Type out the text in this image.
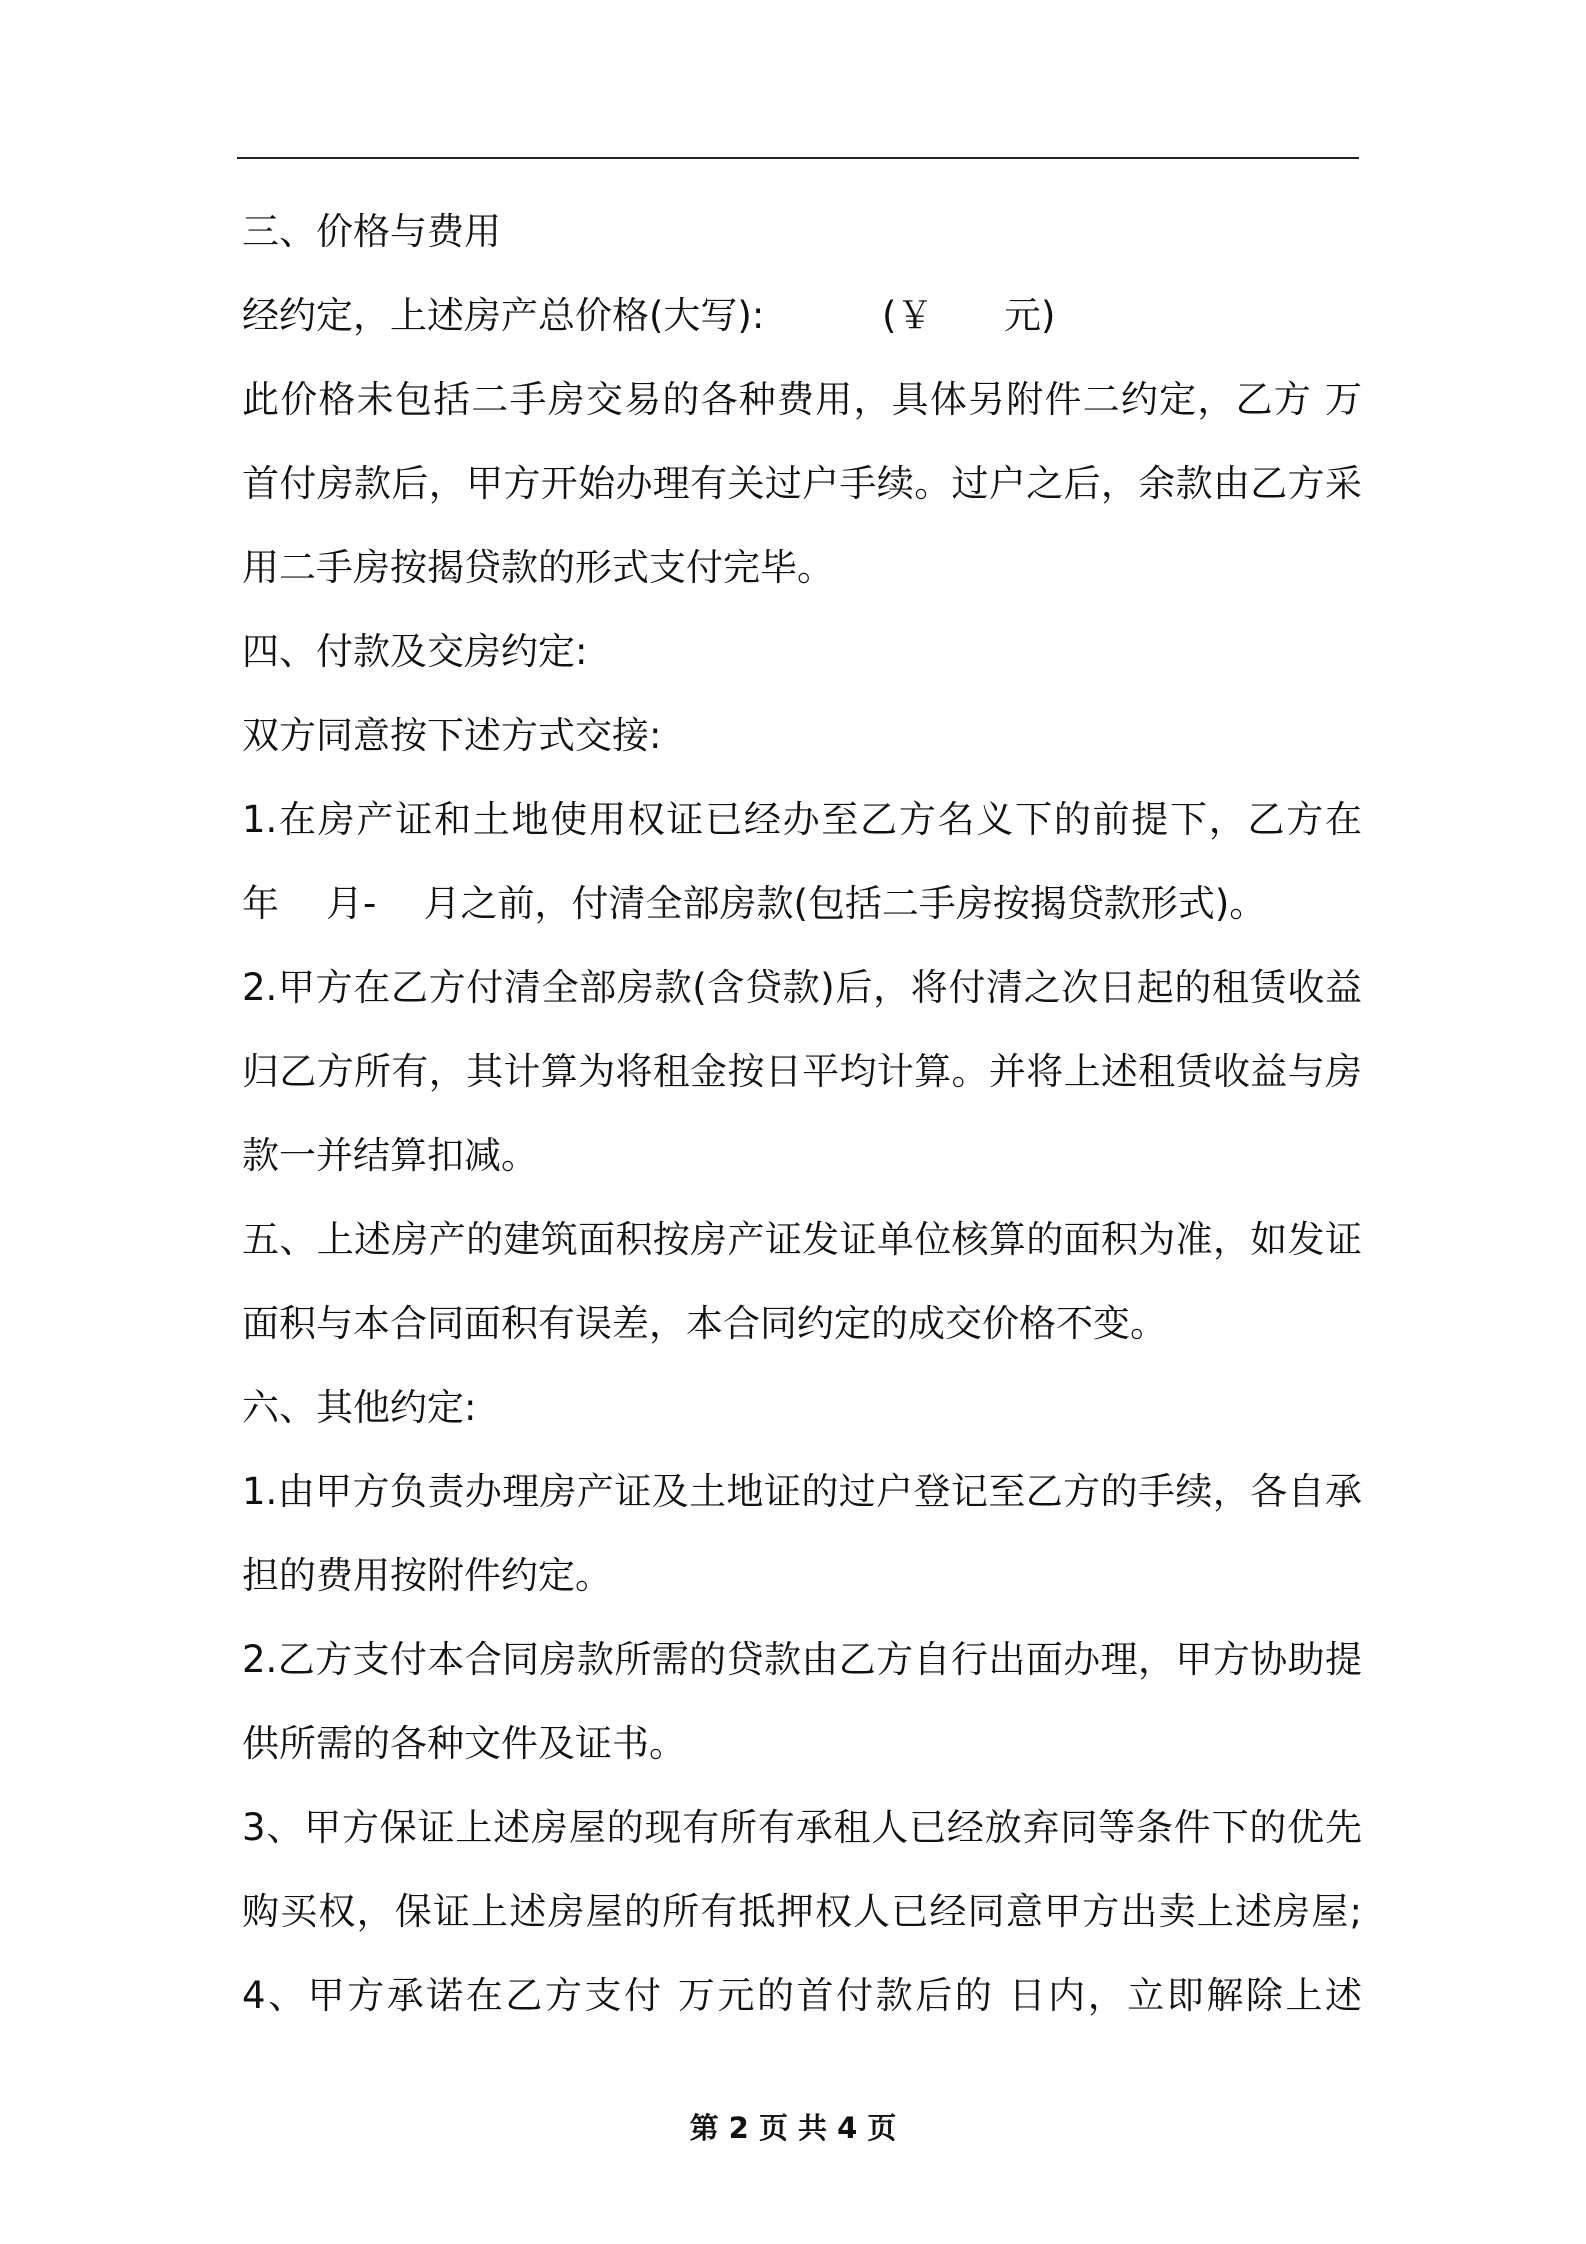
三、价格与费用
经约定，上述房产总价格(大写):          (￥      元)
此价格未包括二手房交易的各种费用，具体另附件二约定，乙方 万
首付房款后，甲方开始办理有关过户手续。过户之后，余款由乙方采
用二手房按揭贷款的形式支付完毕。
四、付款及交房约定:
双方同意按下述方式交接:
1.在房产证和土地使用权证已经办至乙方名义下的前提下，乙方在
年    月-    月之前，付清全部房款(包括二手房按揭贷款形式)。
2.甲方在乙方付清全部房款(含贷款)后，将付清之次日起的租赁收益
归乙方所有，其计算为将租金按日平均计算。并将上述租赁收益与房
款一并结算扣减。
五、上述房产的建筑面积按房产证发证单位核算的面积为准，如发证
面积与本合同面积有误差，本合同约定的成交价格不变。
六、其他约定:
1.由甲方负责办理房产证及土地证的过户登记至乙方的手续，各自承
担的费用按附件约定。
2.乙方支付本合同房款所需的贷款由乙方自行出面办理，甲方协助提
供所需的各种文件及证书。
3、甲方保证上述房屋的现有所有承租人已经放弃同等条件下的优先
购买权，保证上述房屋的所有抵押权人已经同意甲方出卖上述房屋;
4、甲方承诺在乙方支付 万元的首付款后的 日内，立即解除上述
第 2 页 共 4 页
